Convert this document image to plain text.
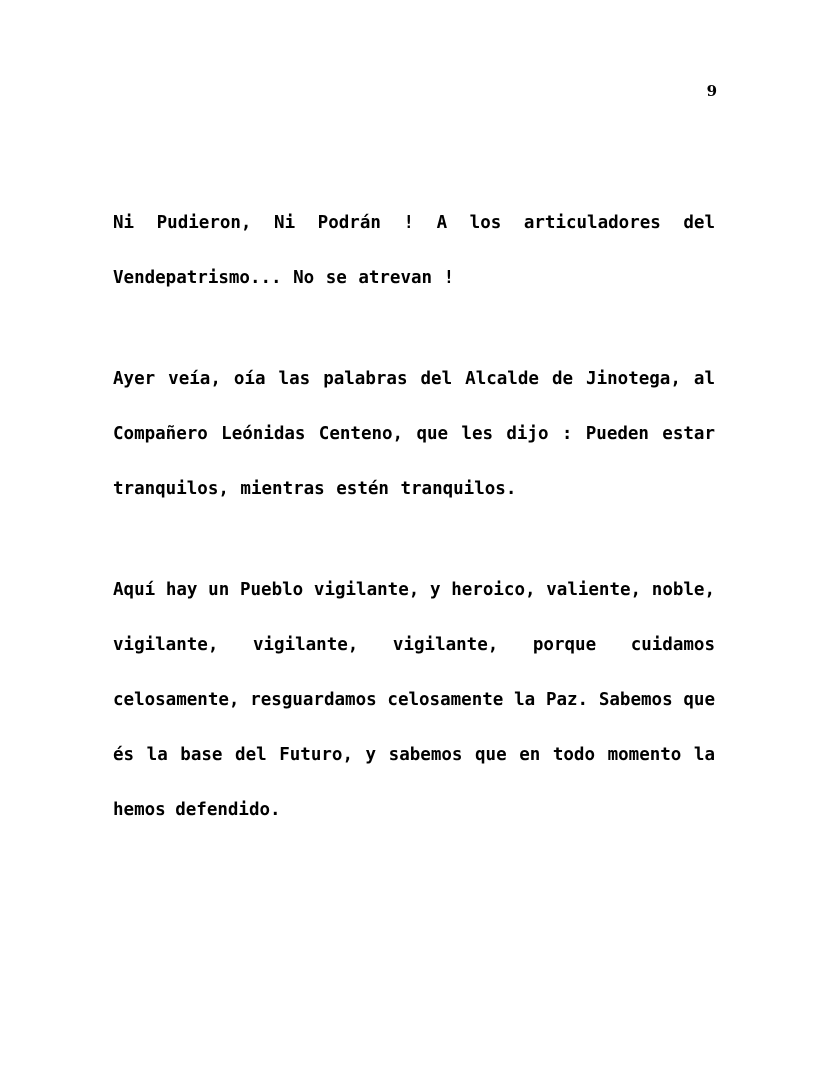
9

Ni Pudieron, Ni Podrán ! A los articuladores del Vendepatrismo... No se atrevan !

Ayer veía, oía las palabras del Alcalde de Jinotega, al Compañero Leónidas Centeno, que les dijo : Pueden estar tranquilos, mientras estén tranquilos.

Aquí hay un Pueblo vigilante, y heroico, valiente, noble, vigilante, vigilante, vigilante, porque cuidamos celosamente, resguardamos celosamente la Paz. Sabemos que és la base del Futuro, y sabemos que en todo momento la hemos defendido.
